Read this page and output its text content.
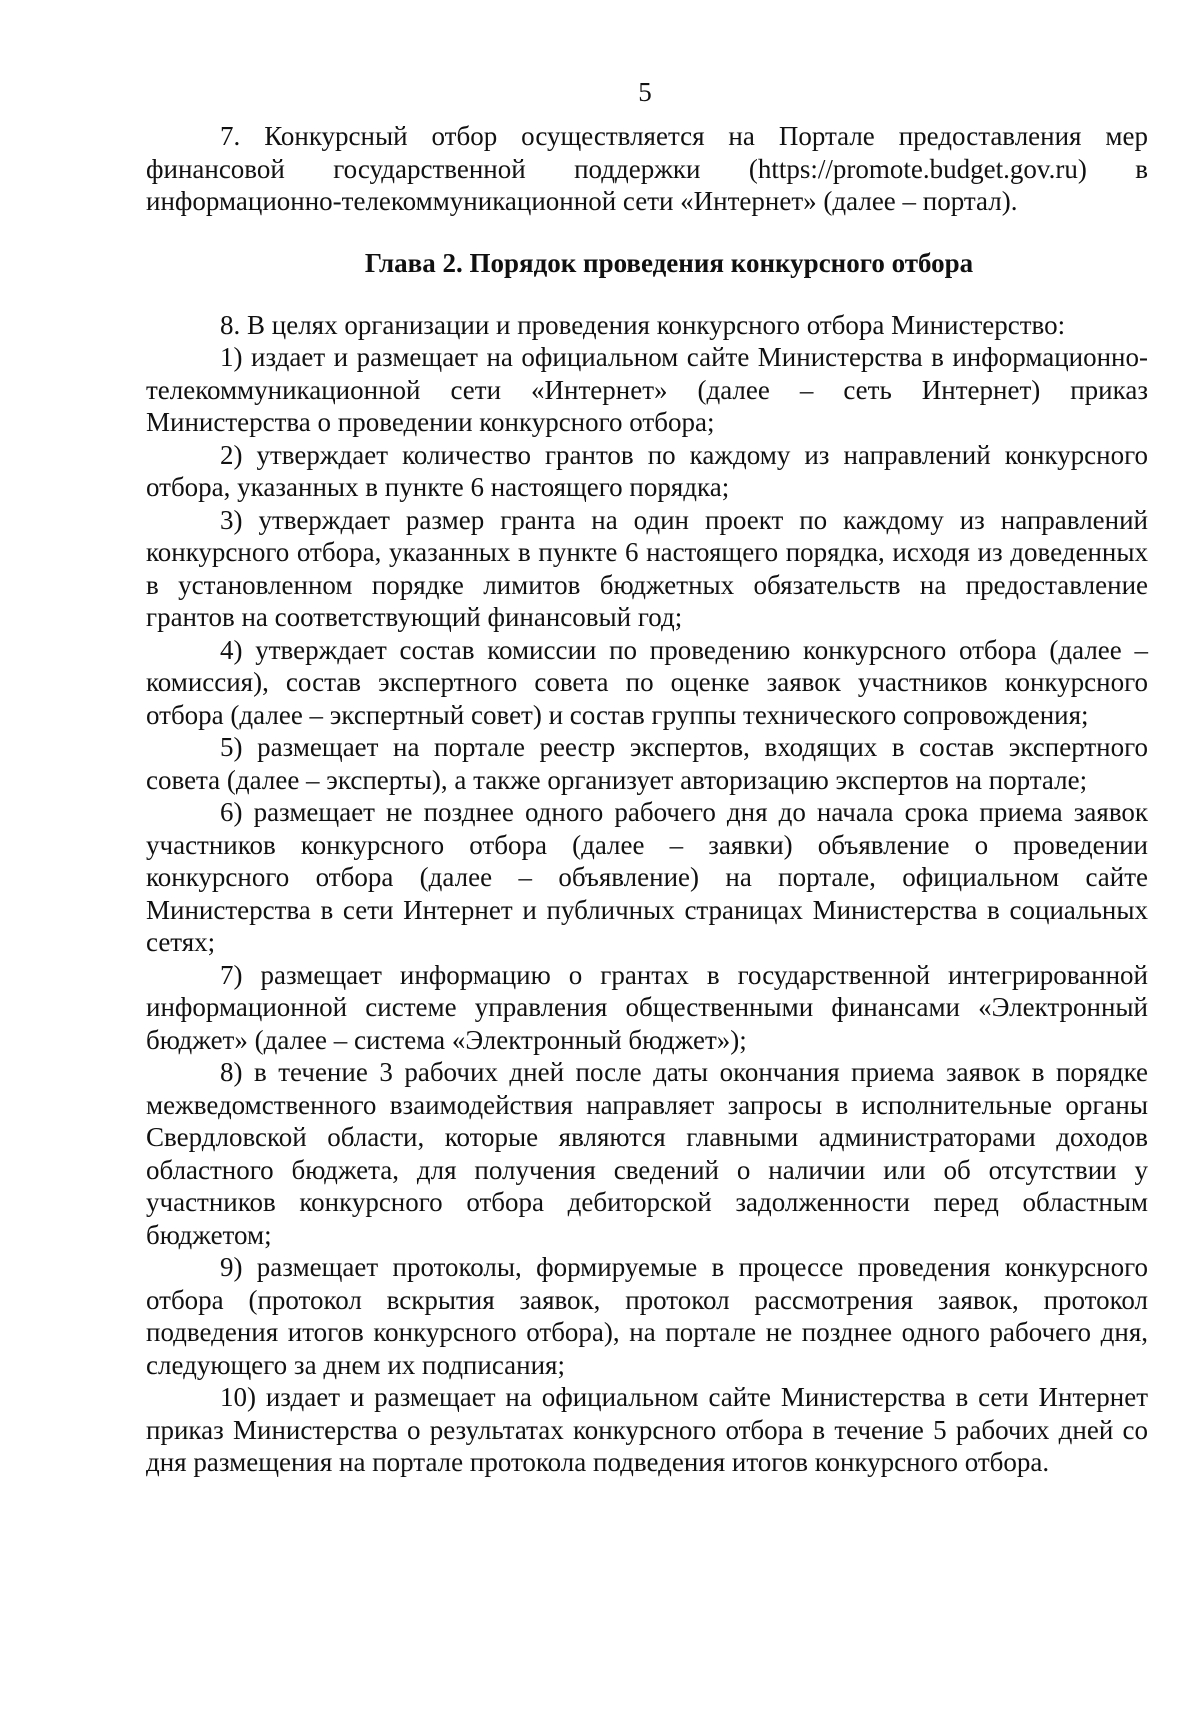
5

7. Конкурсный отбор осуществляется на Портале предоставления мер финансовой государственной поддержки (https://promote.budget.gov.ru) в информационно-телекоммуникационной сети «Интернет» (далее – портал).

Глава 2. Порядок проведения конкурсного отбора

8. В целях организации и проведения конкурсного отбора Министерство:

1) издает и размещает на официальном сайте Министерства в информационно-телекоммуникационной сети «Интернет» (далее – сеть Интернет) приказ Министерства о проведении конкурсного отбора;

2) утверждает количество грантов по каждому из направлений конкурсного отбора, указанных в пункте 6 настоящего порядка;

3) утверждает размер гранта на один проект по каждому из направлений конкурсного отбора, указанных в пункте 6 настоящего порядка, исходя из доведенных в установленном порядке лимитов бюджетных обязательств на предоставление грантов на соответствующий финансовый год;

4) утверждает состав комиссии по проведению конкурсного отбора (далее – комиссия), состав экспертного совета по оценке заявок участников конкурсного отбора (далее – экспертный совет) и состав группы технического сопровождения;

5) размещает на портале реестр экспертов, входящих в состав экспертного совета (далее – эксперты), а также организует авторизацию экспертов на портале;

6) размещает не позднее одного рабочего дня до начала срока приема заявок участников конкурсного отбора (далее – заявки) объявление о проведении конкурсного отбора (далее – объявление) на портале, официальном сайте Министерства в сети Интернет и публичных страницах Министерства в социальных сетях;

7) размещает информацию о грантах в государственной интегрированной информационной системе управления общественными финансами «Электронный бюджет» (далее – система «Электронный бюджет»);

8) в течение 3 рабочих дней после даты окончания приема заявок в порядке межведомственного взаимодействия направляет запросы в исполнительные органы Свердловской области, которые являются главными администраторами доходов областного бюджета, для получения сведений о наличии или об отсутствии у участников конкурсного отбора дебиторской задолженности перед областным бюджетом;

9) размещает протоколы, формируемые в процессе проведения конкурсного отбора (протокол вскрытия заявок, протокол рассмотрения заявок, протокол подведения итогов конкурсного отбора), на портале не позднее одного рабочего дня, следующего за днем их подписания;

10) издает и размещает на официальном сайте Министерства в сети Интернет приказ Министерства о результатах конкурсного отбора в течение 5 рабочих дней со дня размещения на портале протокола подведения итогов конкурсного отбора.
